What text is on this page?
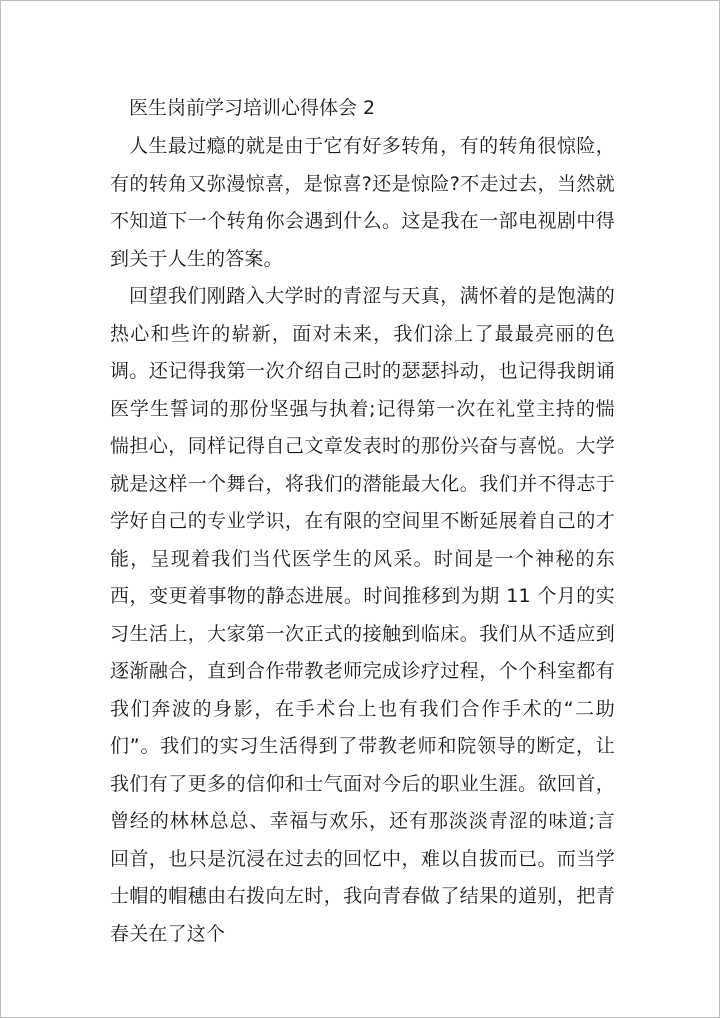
医生岗前学习培训心得体会 2

人生最过瘾的就是由于它有好多转角，有的转角很惊险，有的转角又弥漫惊喜，是惊喜?还是惊险?不走过去，当然就不知道下一个转角你会遇到什么。这是我在一部电视剧中得到关于人生的答案。

回望我们刚踏入大学时的青涩与天真，满怀着的是饱满的热心和些许的崭新，面对未来，我们涂上了最最亮丽的色调。还记得我第一次介绍自己时的瑟瑟抖动，也记得我朗诵医学生誓词的那份坚强与执着;记得第一次在礼堂主持的惴惴担心，同样记得自己文章发表时的那份兴奋与喜悦。大学就是这样一个舞台，将我们的潜能最大化。我们并不得志于学好自己的专业学识，在有限的空间里不断延展着自己的才能，呈现着我们当代医学生的风采。时间是一个神秘的东西，变更着事物的静态进展。时间推移到为期 11 个月的实习生活上，大家第一次正式的接触到临床。我们从不适应到逐渐融合，直到合作带教老师完成诊疗过程，个个科室都有我们奔波的身影，在手术台上也有我们合作手术的“二助们”。我们的实习生活得到了带教老师和院领导的断定，让我们有了更多的信仰和士气面对今后的职业生涯。欲回首，曾经的林林总总、幸福与欢乐，还有那淡淡青涩的味道;言回首，也只是沉浸在过去的回忆中，难以自拔而已。而当学士帽的帽穗由右拨向左时，我向青春做了结果的道别，把青春关在了这个
